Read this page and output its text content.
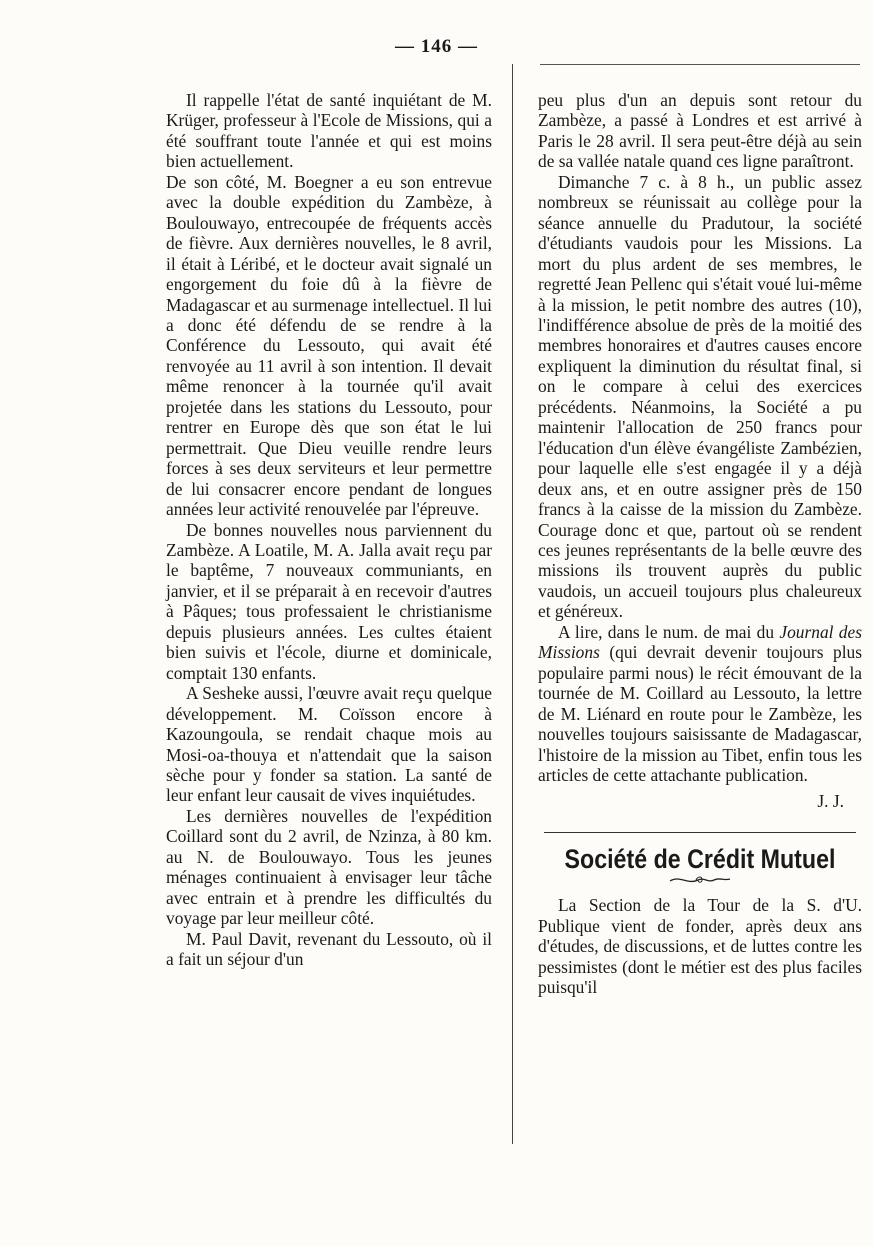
— 146 —

Il rappelle l'état de santé inquiétant de M. Krüger, professeur à l'Ecole de Missions, qui a été souffrant toute l'année et qui est moins bien actuellement.

De son côté, M. Boegner a eu son entrevue avec la double expédition du Zambèze, à Boulouwayo, entrecoupée de fréquents accès de fièvre. Aux dernières nouvelles, le 8 avril, il était à Léribé, et le docteur avait signalé un engorgement du foie dû à la fièvre de Madagascar et au surmenage intellectuel. Il lui a donc été défendu de se rendre à la Conférence du Lessouto, qui avait été renvoyée au 11 avril à son intention. Il devait même renoncer à la tournée qu'il avait projetée dans les stations du Lessouto, pour rentrer en Europe dès que son état le lui permettrait. Que Dieu veuille rendre leurs forces à ses deux serviteurs et leur permettre de lui consacrer encore pendant de longues années leur activité renouvelée par l'épreuve.

De bonnes nouvelles nous parviennent du Zambèze. A Loatile, M. A. Jalla avait reçu par le baptême, 7 nouveaux communiants, en janvier, et il se préparait à en recevoir d'autres à Pâques; tous professaient le christianisme depuis plusieurs années. Les cultes étaient bien suivis et l'école, diurne et dominicale, comptait 130 enfants.

A Sesheke aussi, l'œuvre avait reçu quelque développement. M. Coïsson encore à Kazoungoula, se rendait chaque mois au Mosi-oa-thouya et n'attendait que la saison sèche pour y fonder sa station. La santé de leur enfant leur causait de vives inquiétudes.

Les dernières nouvelles de l'expédition Coillard sont du 2 avril, de Nzinza, à 80 km. au N. de Boulouwayo. Tous les jeunes ménages continuaient à envisager leur tâche avec entrain et à prendre les difficultés du voyage par leur meilleur côté.

M. Paul Davit, revenant du Lessouto, où il a fait un séjour d'un

peu plus d'un an depuis sont retour du Zambèze, a passé à Londres et est arrivé à Paris le 28 avril. Il sera peut-être déjà au sein de sa vallée natale quand ces ligne paraîtront.

Dimanche 7 c. à 8 h., un public assez nombreux se réunissait au collège pour la séance annuelle du Pradutour, la société d'étudiants vaudois pour les Missions. La mort du plus ardent de ses membres, le regretté Jean Pellenc qui s'était voué lui-même à la mission, le petit nombre des autres (10), l'indifférence absolue de près de la moitié des membres honoraires et d'autres causes encore expliquent la diminution du résultat final, si on le compare à celui des exercices précédents. Néanmoins, la Société a pu maintenir l'allocation de 250 francs pour l'éducation d'un élève évangéliste Zambézien, pour laquelle elle s'est engagée il y a déjà deux ans, et en outre assigner près de 150 francs à la caisse de la mission du Zambèze. Courage donc et que, partout où se rendent ces jeunes représentants de la belle œuvre des missions ils trouvent auprès du public vaudois, un accueil toujours plus chaleureux et généreux.

A lire, dans le num. de mai du Journal des Missions (qui devrait devenir toujours plus populaire parmi nous) le récit émouvant de la tournée de M. Coillard au Lessouto, la lettre de M. Liénard en route pour le Zambèze, les nouvelles toujours saisissante de Madagascar, l'histoire de la mission au Tibet, enfin tous les articles de cette attachante publication.

J. J.
Société de Crédit Mutuel

La Section de la Tour de la S. d'U. Publique vient de fonder, après deux ans d'études, de discussions, et de luttes contre les pessimistes (dont le métier est des plus faciles puisqu'il
